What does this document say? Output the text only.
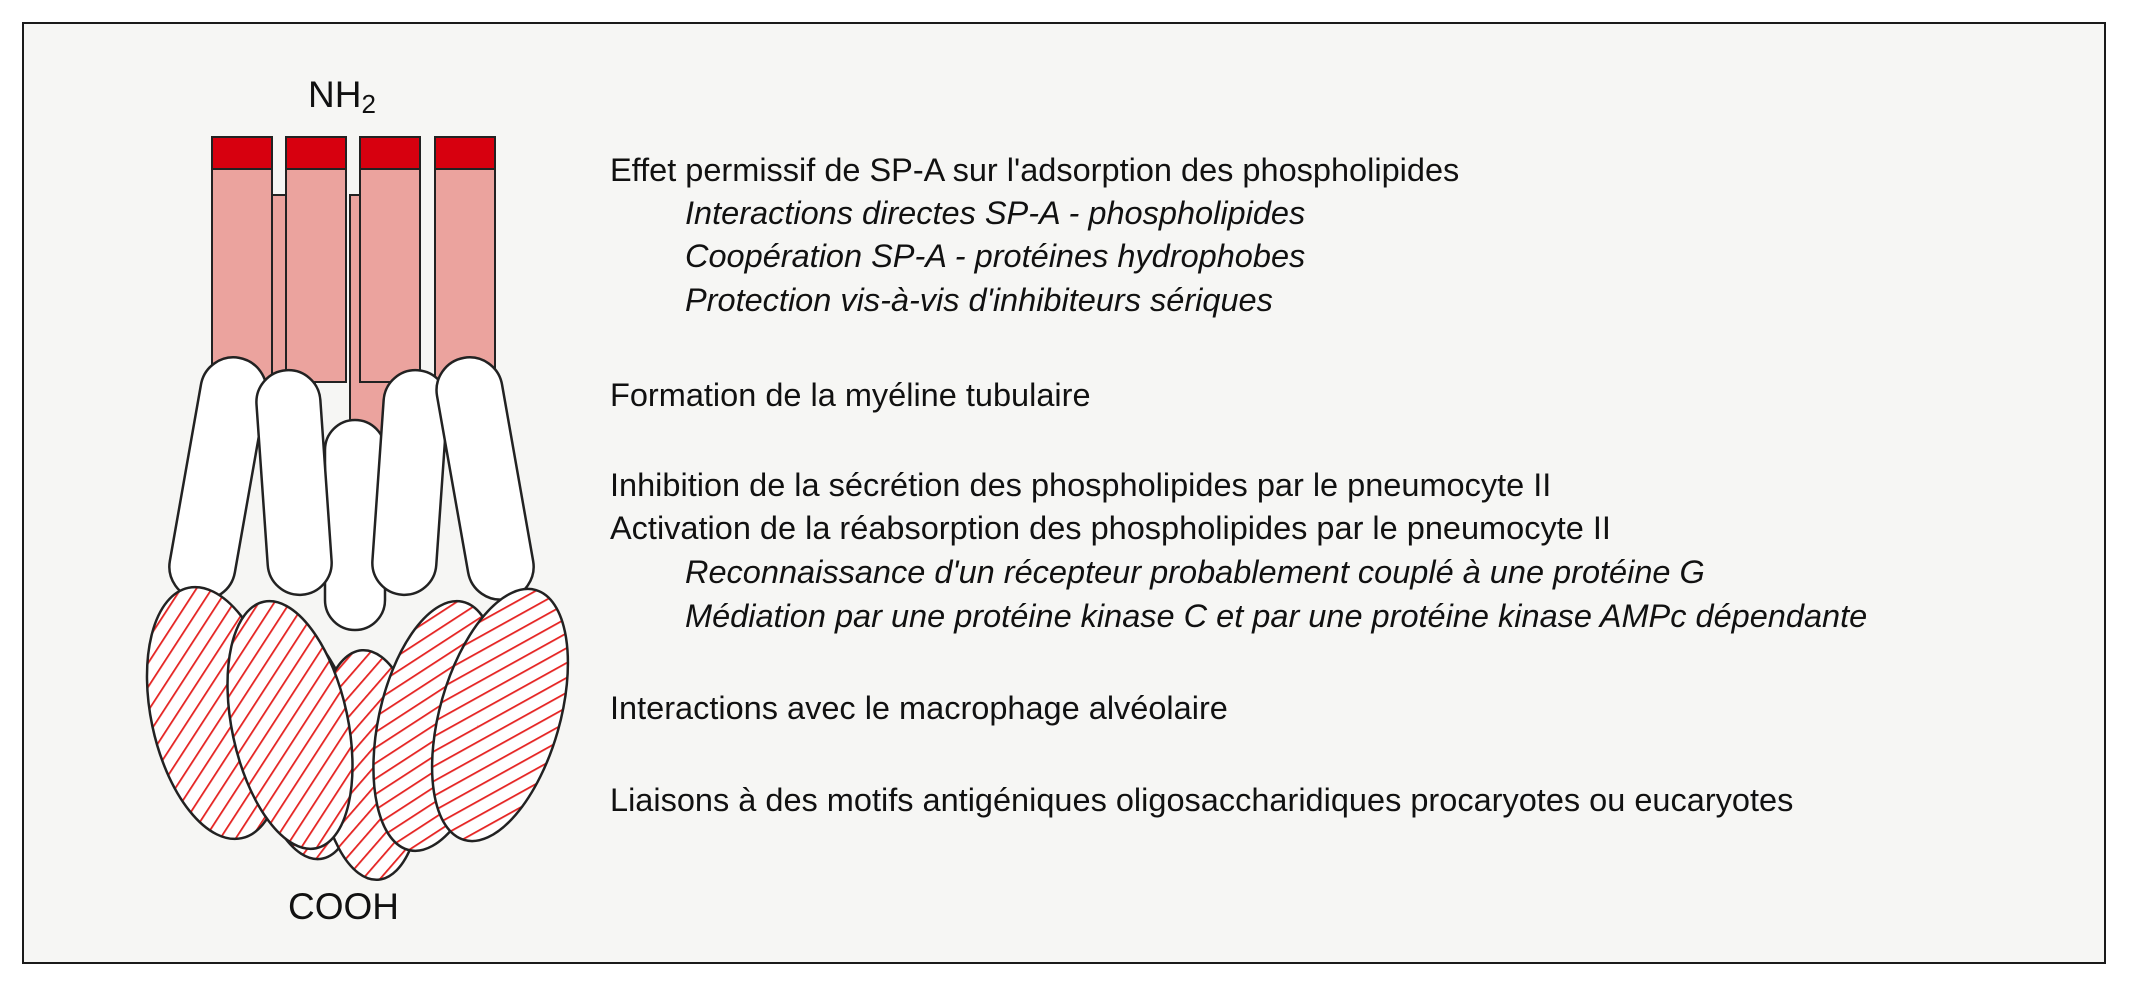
$NH_2$
COOH
Effet permissif de SP-A sur l'adsorption des phospholipides
Interactions directes SP-A - phospholipides
Coopération SP-A - protéines hydrophobes
Protection vis-à-vis d'inhibiteurs sériques
Formation de la myéline tubulaire
Inhibition de la sécrétion des phospholipides par le pneumocyte II
Activation de la réabsorption des phospholipides par le pneumocyte II
Reconnaissance d'un récepteur probablement couplé à une protéine G
Médiation par une protéine kinase C et par une protéine kinase AMPc dépendante
Interactions avec le macrophage alvéolaire
Liaisons à des motifs antigéniques oligosaccharidiques procaryotes ou eucaryotes
